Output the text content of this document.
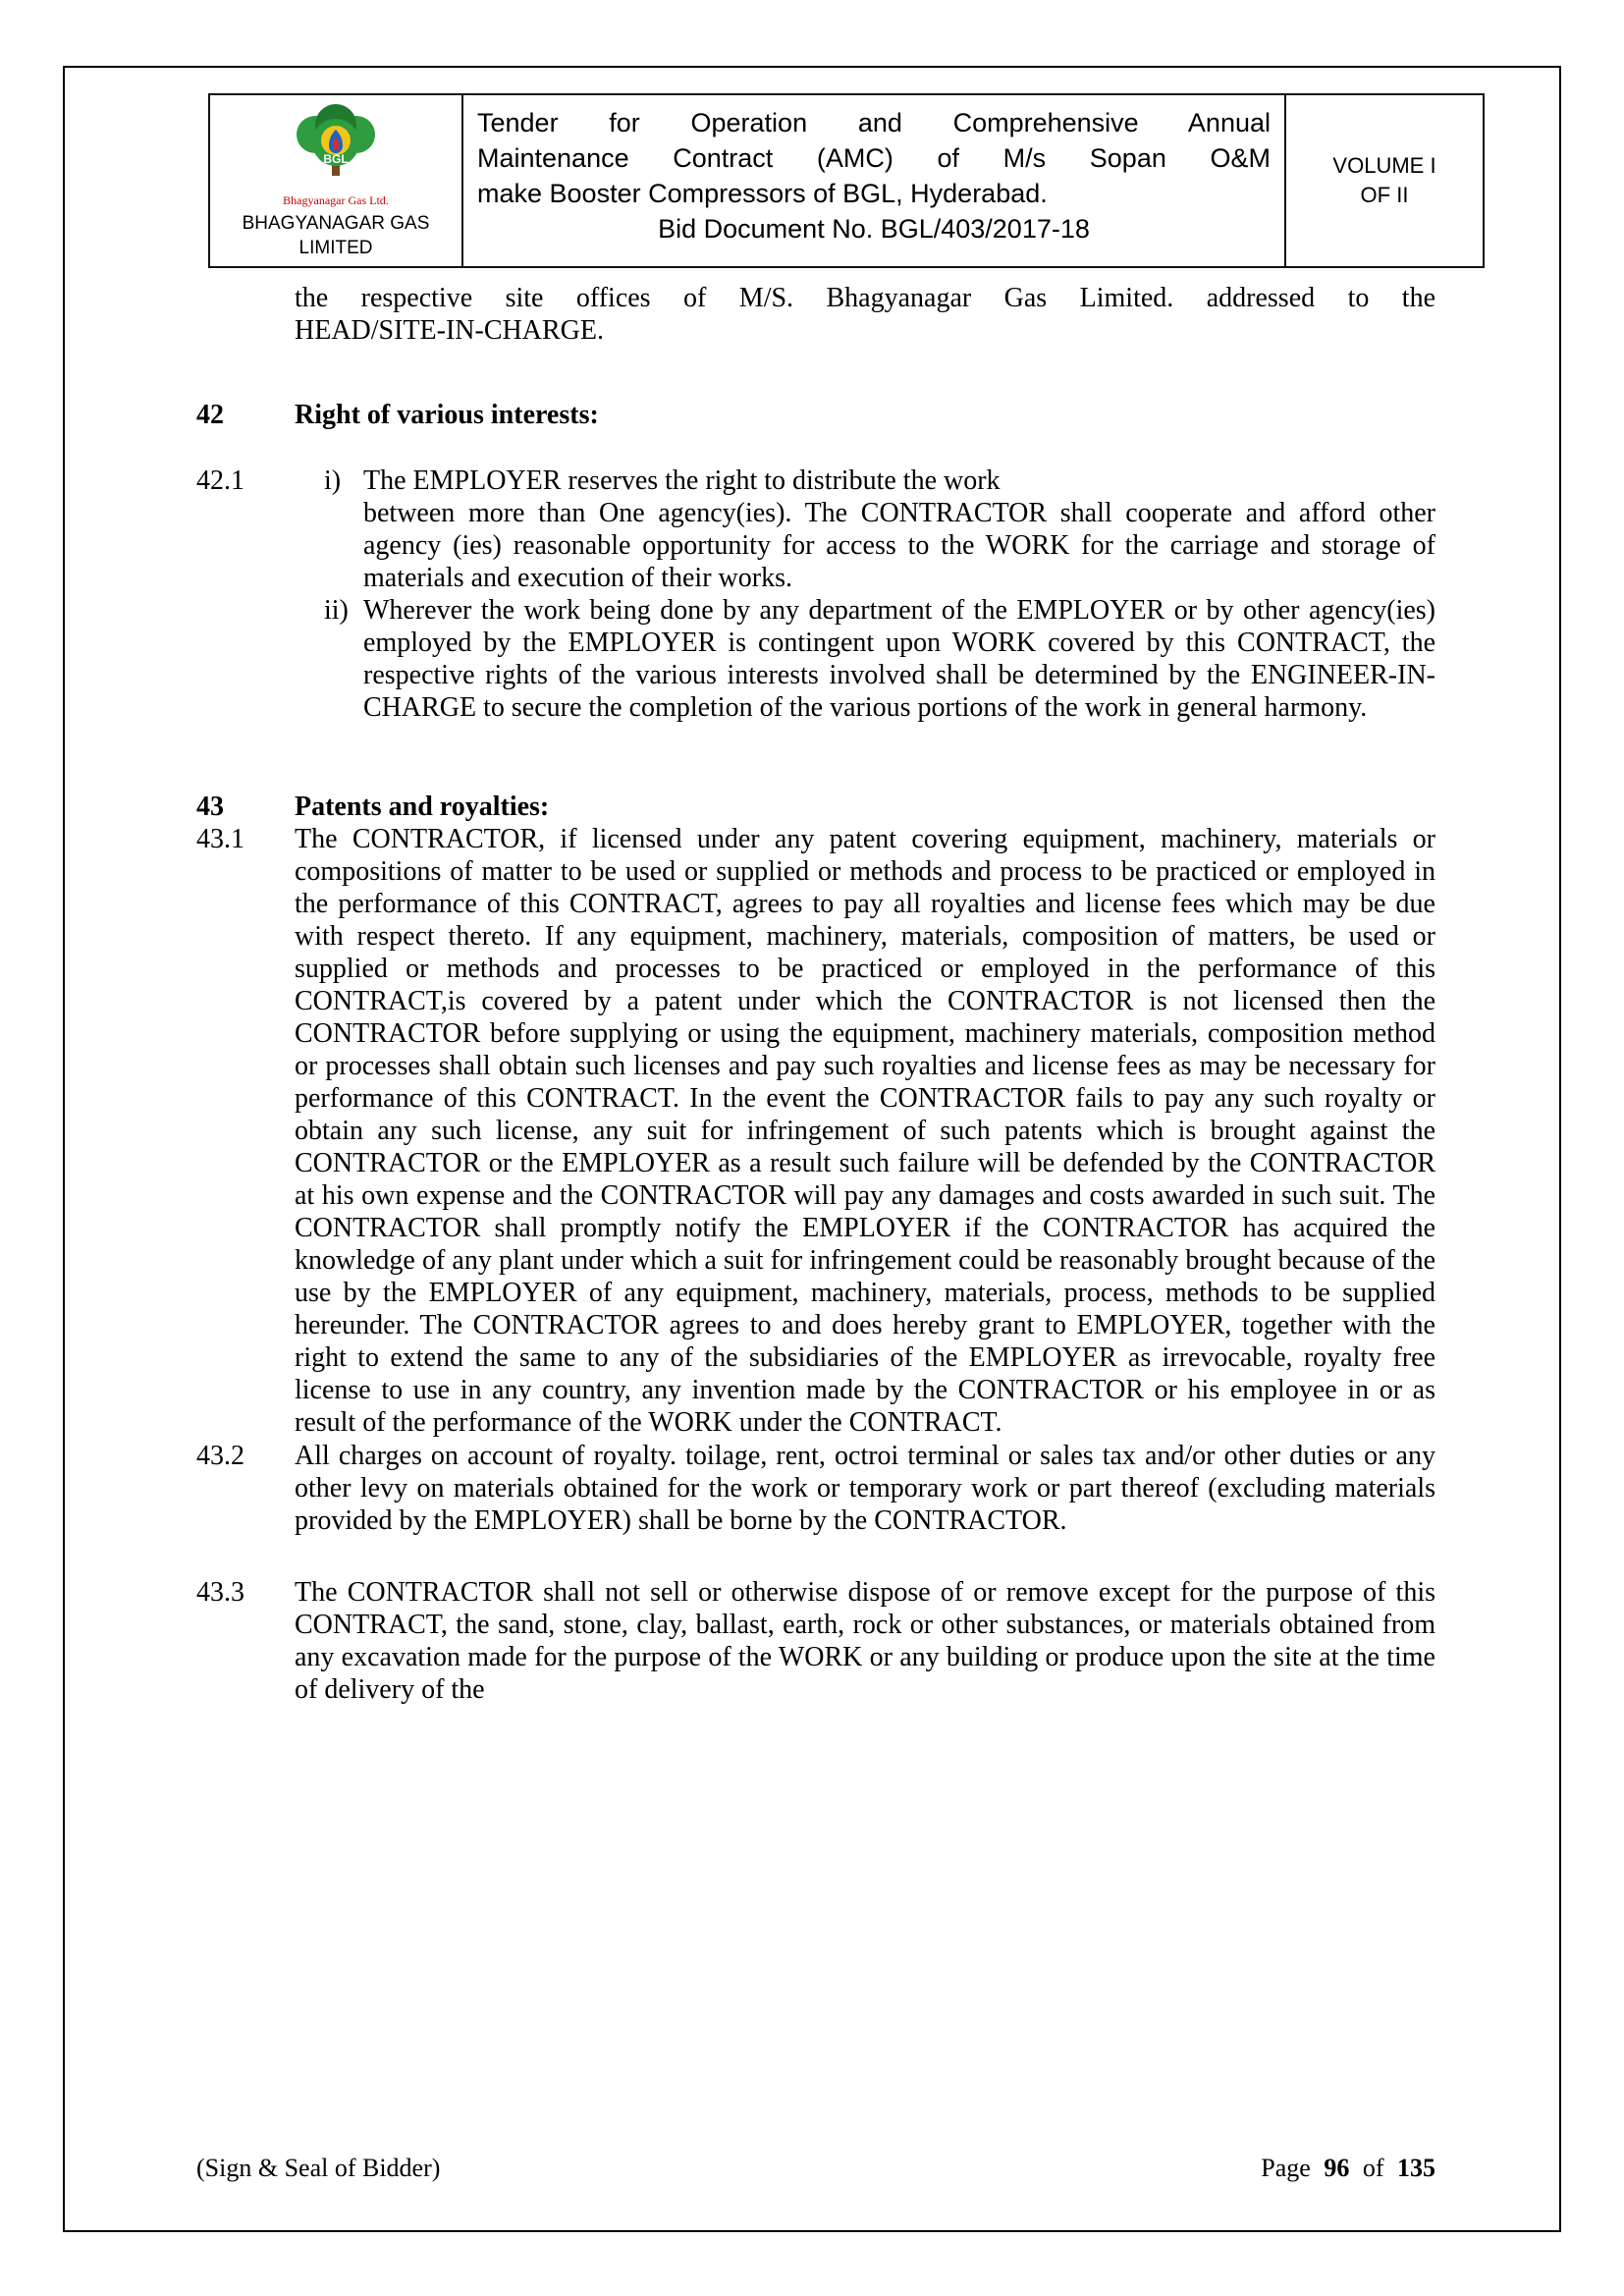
BGL
Bhagyanagar Gas Ltd.
BHAGYANAGAR GAS LIMITED
Tender for Operation and Comprehensive Annual
Maintenance Contract (AMC) of M/s Sopan O&M
make Booster Compressors of BGL, Hyderabad.
Bid Document No. BGL/403/2017-18
VOLUME I
OF II
the respective site offices of M/S. Bhagyanagar Gas Limited. addressed to the
HEAD/SITE-IN-CHARGE.
42	Right of various interests:
42.1	i) The EMPLOYER reserves the right to distribute the work
between more than One agency(ies). The CONTRACTOR shall cooperate and afford other agency (ies) reasonable opportunity for access to the WORK for the carriage and storage of materials and execution of their works.
ii) Wherever the work being done by any department of the EMPLOYER or by other agency(ies) employed by the EMPLOYER is contingent upon WORK covered by this CONTRACT, the respective rights of the various interests involved shall be determined by the ENGINEER-IN-CHARGE to secure the completion of the various portions of the work in general harmony.
43	Patents and royalties:
43.1	The CONTRACTOR, if licensed under any patent covering equipment, machinery, materials or compositions of matter to be used or supplied or methods and process to be practiced or employed in the performance of this CONTRACT, agrees to pay all royalties and license fees which may be due with respect thereto. If any equipment, machinery, materials, composition of matters, be used or supplied or methods and processes to be practiced or employed in the performance of this CONTRACT,is covered by a patent under which the CONTRACTOR is not licensed then the CONTRACTOR before supplying or using the equipment, machinery materials, composition method or processes shall obtain such licenses and pay such royalties and license fees as may be necessary for performance of this CONTRACT. In the event the CONTRACTOR fails to pay any such royalty or obtain any such license, any suit for infringement of such patents which is brought against the CONTRACTOR or the EMPLOYER as a result such failure will be defended by the CONTRACTOR at his own expense and the CONTRACTOR will pay any damages and costs awarded in such suit. The CONTRACTOR shall promptly notify the EMPLOYER if the CONTRACTOR has acquired the knowledge of any plant under which a suit for infringement could be reasonably brought because of the use by the EMPLOYER of any equipment, machinery, materials, process, methods to be supplied hereunder. The CONTRACTOR agrees to and does hereby grant to EMPLOYER, together with the right to extend the same to any of the subsidiaries of the EMPLOYER as irrevocable, royalty free license to use in any country, any invention made by the CONTRACTOR or his employee in or as result of the performance of the WORK under the CONTRACT.
43.2	All charges on account of royalty. toilage, rent, octroi terminal or sales tax and/or other duties or any other levy on materials obtained for the work or temporary work or part thereof (excluding materials provided by the EMPLOYER) shall be borne by the CONTRACTOR.
43.3	The CONTRACTOR shall not sell or otherwise dispose of or remove except for the purpose of this CONTRACT, the sand, stone, clay, ballast, earth, rock or other substances, or materials obtained from any excavation made for the purpose of the WORK or any building or produce upon the site at the time of delivery of the
(Sign & Seal of Bidder)	Page 96 of 135
